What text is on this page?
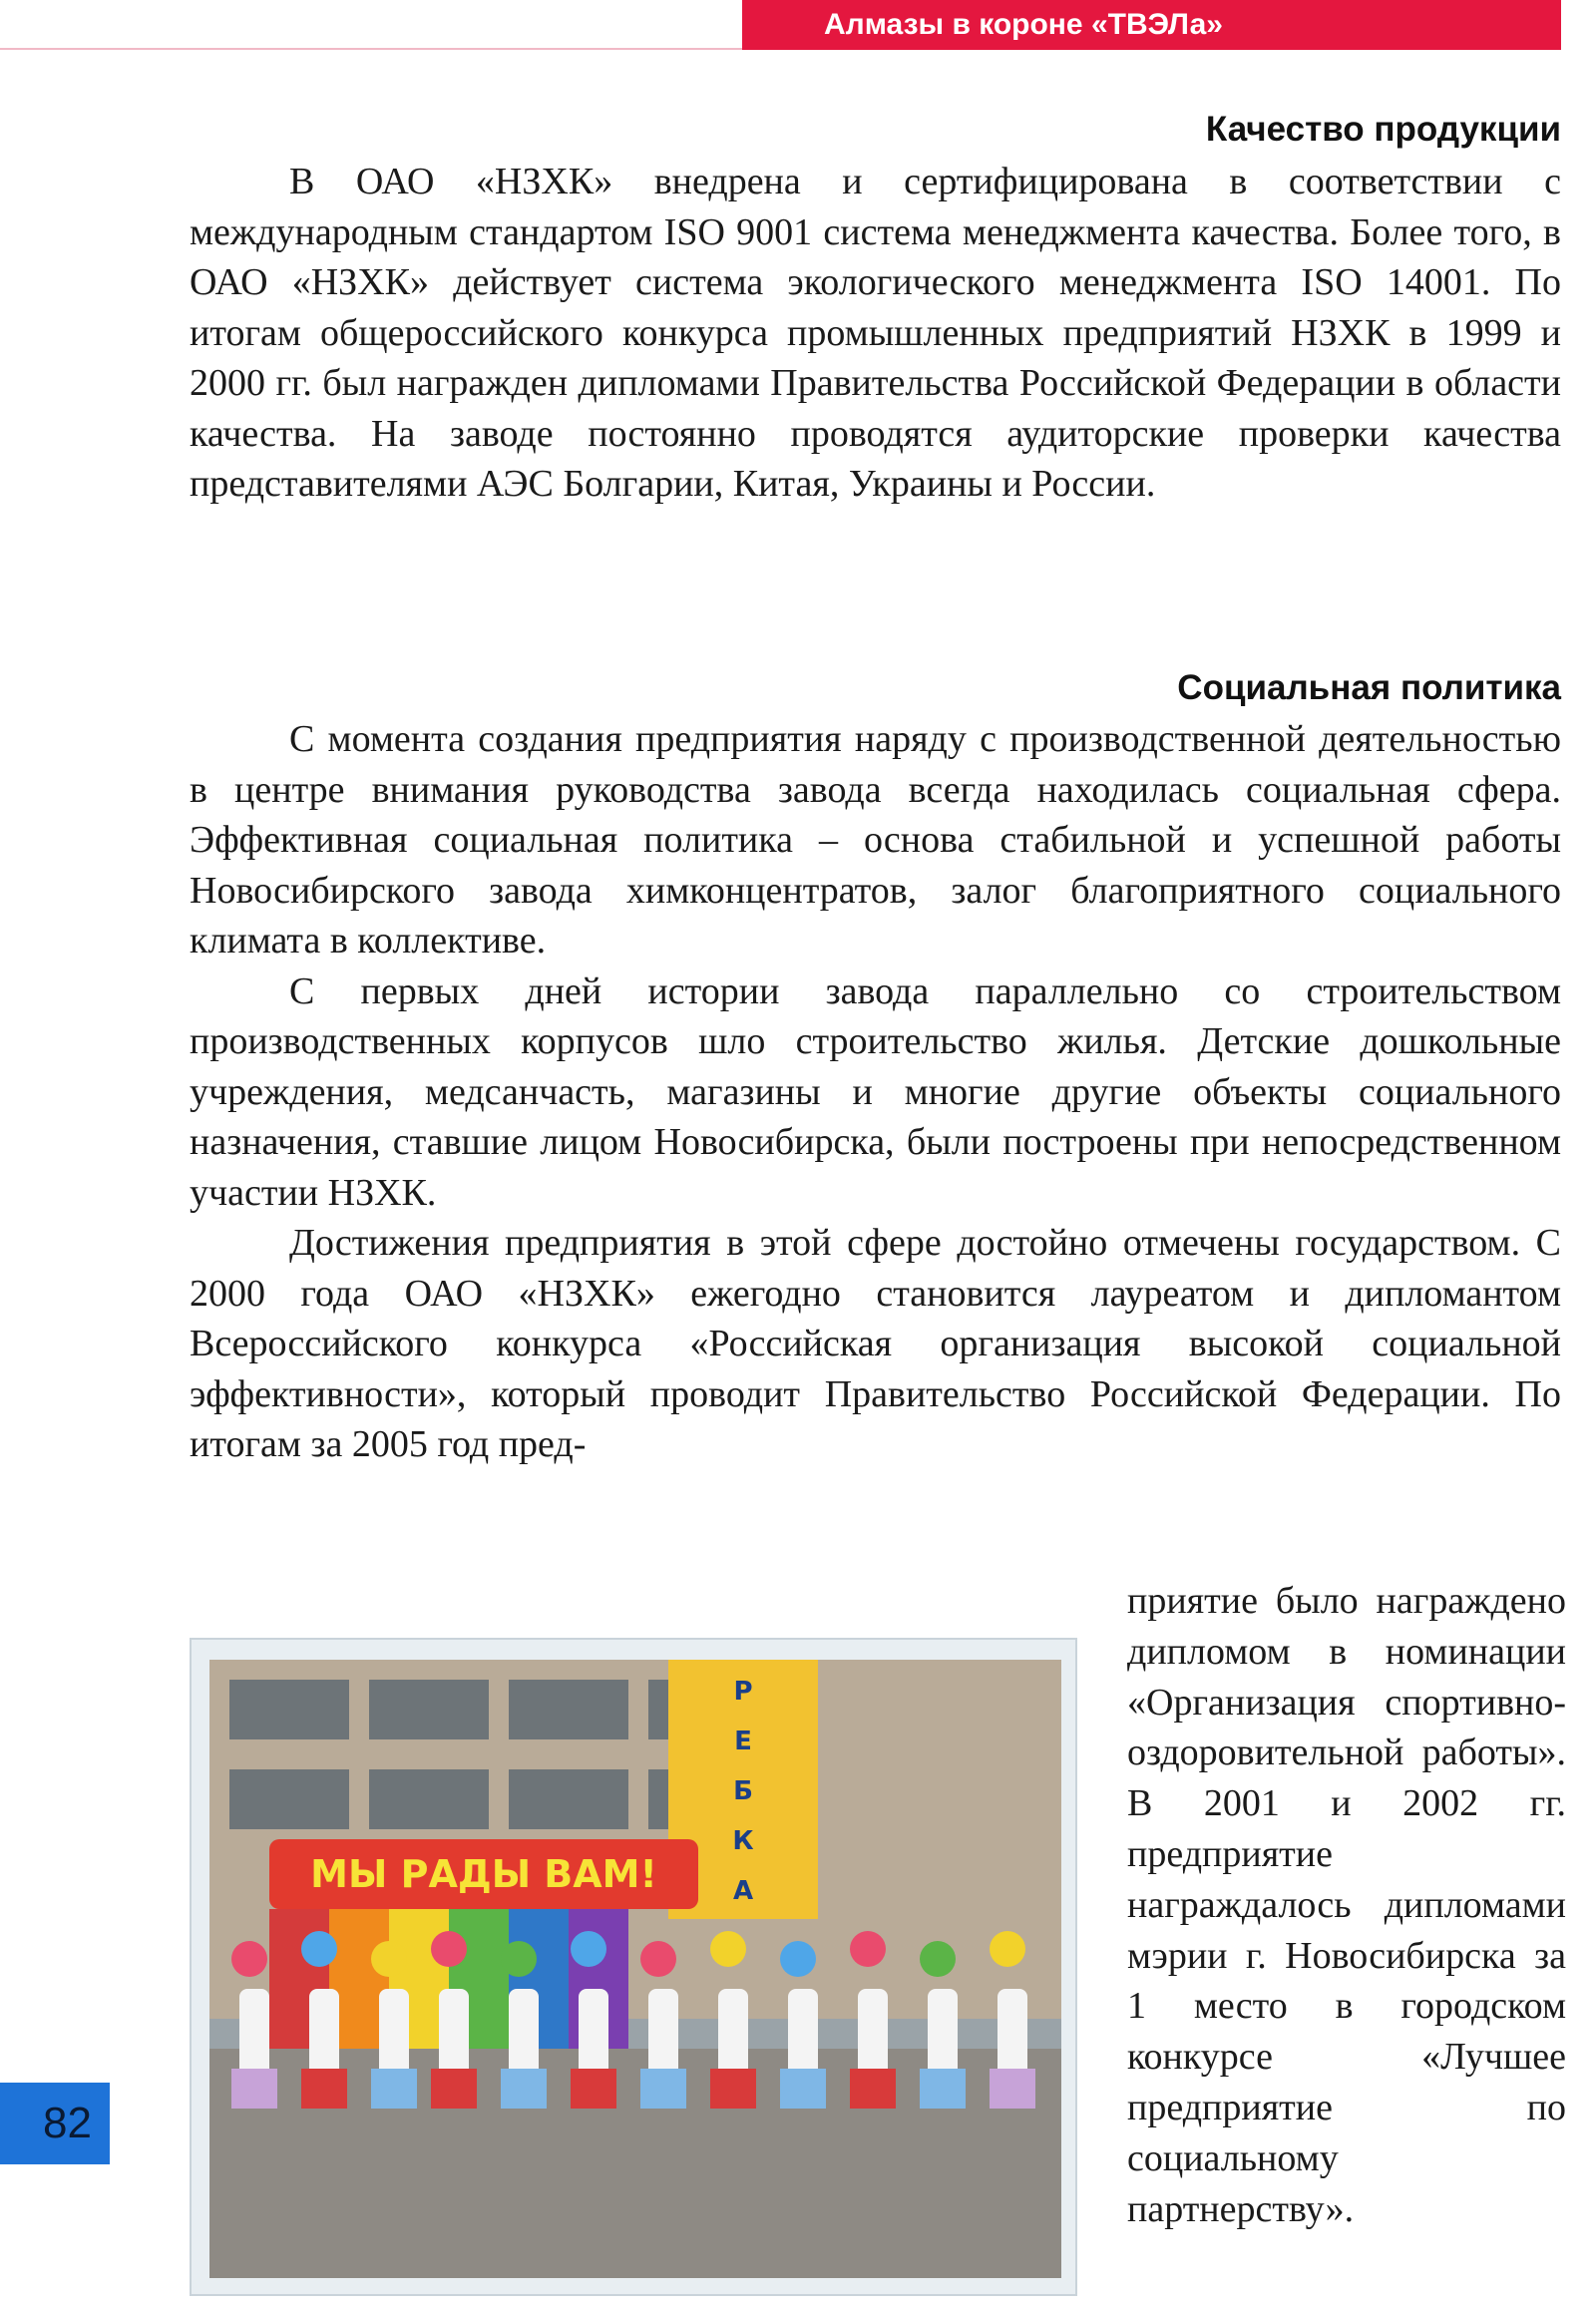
Алмазы в короне «ТВЭЛа»
Качество продукции

В ОАО «НЗХК» внедрена и сертифицирована в соответствии с международным стандартом ISO 9001 система менеджмента качества. Более того, в ОАО «НЗХК» действует система экологического менеджмента ISO 14001. По итогам общероссийского конкурса промышленных предприятий НЗХК в 1999 и 2000 гг. был награжден дипломами Правительства Российской Федерации в области качества. На заводе постоянно проводятся аудиторские проверки качества представителями АЭС Болгарии, Китая, Украины и России.

Социальная политика

С момента создания предприятия наряду с производственной деятельностью в центре внимания руководства завода всегда находилась социальная сфера. Эффективная социальная политика – основа стабильной и успешной работы Новосибирского завода химконцентратов, залог благоприятного социального климата в коллективе.

С первых дней истории завода параллельно со строительством производственных корпусов шло строительство жилья. Детские дошкольные учреждения, медсанчасть, магазины и многие другие объекты социального назначения, ставшие лицом Новосибирска, были построены при непосредственном участии НЗХК.

Достижения предприятия в этой сфере достойно отмечены государством. С 2000 года ОАО «НЗХК» ежегодно становится лауреатом и дипломантом Всероссийского конкурса «Российская организация высокой социальной эффективности», который проводит Правительство Российской Федерации. По итогам за 2005 год пред-

приятие было награждено дипломом в номинации «Организация спортивно-оздоровительной работы». В 2001 и 2002 гг. предприятие награждалось дипломами мэрии г. Новосибирска за 1 место в городском конкурсе «Лучшее предприятие по социальному партнерству».
Р
Е
Б
К
А
МЫ РАДЫ ВАМ!
82
